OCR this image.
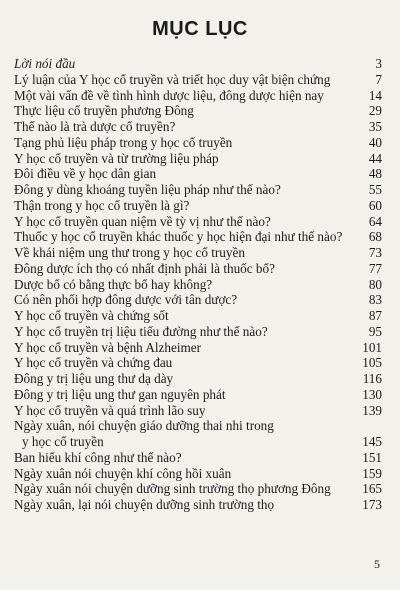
MỤC LỤC
Lời nói đầu	3
Lý luận của Y học cổ truyền và triết học duy vật biện chứng	7
Một vài vấn đề về tình hình dược liệu, đông dược hiện nay	14
Thực liệu cổ truyền phương Đông	29
Thế nào là trà dược cổ truyền?	35
Tạng phủ liệu pháp trong y học cổ truyền	40
Y học cổ truyền và từ trường liệu pháp	44
Đôi điều về y học dân gian	48
Đông y dùng khoáng tuyền liệu pháp như thế nào?	55
Thận trong y học cổ truyền là gì?	60
Y học cổ truyền quan niệm về tỳ vị như thế nào?	64
Thuốc y học cổ truyền khác thuốc y học hiện đại như thế nào?	68
Về khái niệm ung thư trong y học cổ truyền	73
Đông dược ích thọ có nhất định phải là thuốc bổ?	77
Dược bổ có bằng thực bổ hay không?	80
Có nên phối hợp đông dược với tân dược?	83
Y học cổ truyền và chứng sốt	87
Y học cổ truyền trị liệu tiểu đường như thế nào?	95
Y học cổ truyền và bệnh Alzheimer	101
Y học cổ truyền và chứng đau	105
Đông y trị liệu ung thư dạ dày	116
Đông y trị liệu ung thư gan nguyên phát	130
Y học cổ truyền và quá trình lão suy	139
Ngày xuân, nói chuyện giáo dưỡng thai nhi trong
y học cổ truyền	145
Ban hiểu khí công như thế nào?	151
Ngày xuân nói chuyện khí công hồi xuân	159
Ngày xuân nói chuyện dưỡng sinh trường thọ phương Đông 165
Ngày xuân, lại nói chuyện dưỡng sinh trường thọ	173
5
